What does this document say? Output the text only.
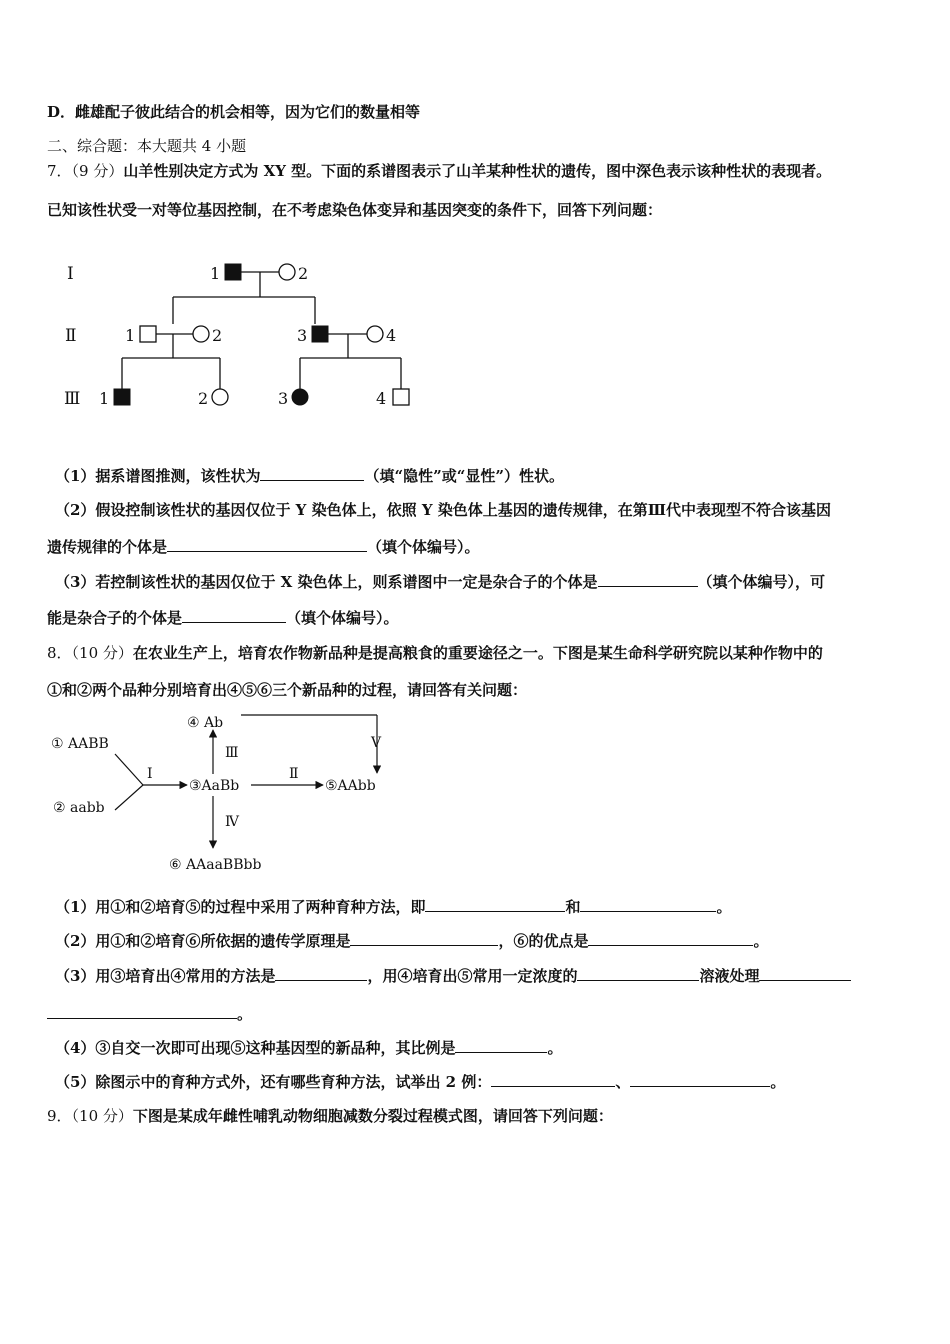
D．雌雄配子彼此结合的机会相等，因为它们的数量相等
二、综合题：本大题共 4 小题
7．（9 分）山羊性别决定方式为 XY 型。下面的系谱图表示了山羊某种性状的遗传，图中深色表示该种性状的表现者。
已知该性状受一对等位基因控制，在不考虑染色体变异和基因突变的条件下，回答下列问题：
Ⅰ
Ⅱ
Ⅲ
1	2
1	2	3	4
1	2	3	4
（1）据系谱图推测，该性状为	（填“隐性”或“显性”）性状。
（2）假设控制该性状的基因仅位于 Y 染色体上，依照 Y 染色体上基因的遗传规律，在第Ⅲ代中表现型不符合该基因
遗传规律的个体是	（填个体编号）。
（3）若控制该性状的基因仅位于 X 染色体上，则系谱图中一定是杂合子的个体是	（填个体编号），可
能是杂合子的个体是	（填个体编号）。
8．（10 分）在农业生产上，培育农作物新品种是提高粮食的重要途径之一。下图是某生命科学研究院以某种作物中的
①和②两个品种分别培育出④⑤⑥三个新品种的过程，请回答有关问题：
① AABB
② aabb
③AaBb
④ Ab
⑤AAbb
⑥ AAaaBBbb
Ⅰ	Ⅱ
Ⅲ
Ⅳ
Ⅴ
（1）用①和②培育⑤的过程中采用了两种育种方法，即	和	。
（2）用①和②培育⑥所依据的遗传学原理是	，⑥的优点是	。
（3）用③培育出④常用的方法是	，用④培育出⑤常用一定浓度的	溶液处理
。
（4）③自交一次即可出现⑤这种基因型的新品种，其比例是	。
（5）除图示中的育种方式外，还有哪些育种方法，试举出 2 例：	、	。
9．（10 分）下图是某成年雌性哺乳动物细胞减数分裂过程模式图，请回答下列问题：
